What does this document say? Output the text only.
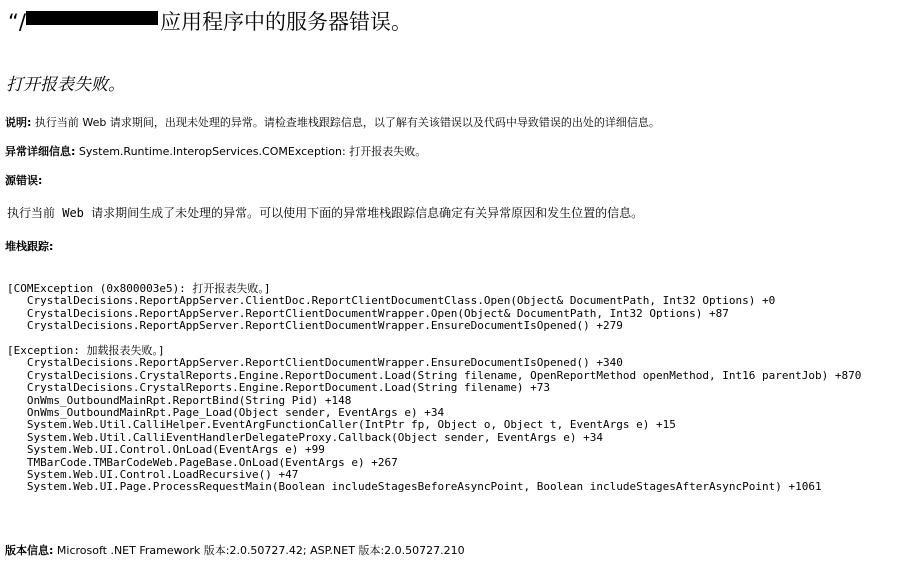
“/	应用程序中的服务器错误。
打开报表失败。
说明: 执行当前 Web 请求期间，出现未处理的异常。请检查堆栈跟踪信息，以了解有关该错误以及代码中导致错误的出处的详细信息。
异常详细信息: System.Runtime.InteropServices.COMException: 打开报表失败。
源错误:
执行当前 Web 请求期间生成了未处理的异常。可以使用下面的异常堆栈跟踪信息确定有关异常原因和发生位置的信息。
堆栈跟踪:
[COMException (0x800003e5): 打开报表失败。]
CrystalDecisions.ReportAppServer.ClientDoc.ReportClientDocumentClass.Open(Object& DocumentPath, Int32 Options) +0
CrystalDecisions.ReportAppServer.ReportClientDocumentWrapper.Open(Object& DocumentPath, Int32 Options) +87
CrystalDecisions.ReportAppServer.ReportClientDocumentWrapper.EnsureDocumentIsOpened() +279
[Exception: 加载报表失败。]
CrystalDecisions.ReportAppServer.ReportClientDocumentWrapper.EnsureDocumentIsOpened() +340
CrystalDecisions.CrystalReports.Engine.ReportDocument.Load(String filename, OpenReportMethod openMethod, Int16 parentJob) +870
CrystalDecisions.CrystalReports.Engine.ReportDocument.Load(String filename) +73
OnWms_OutboundMainRpt.ReportBind(String Pid) +148
OnWms_OutboundMainRpt.Page_Load(Object sender, EventArgs e) +34
System.Web.Util.CalliHelper.EventArgFunctionCaller(IntPtr fp, Object o, Object t, EventArgs e) +15
System.Web.Util.CalliEventHandlerDelegateProxy.Callback(Object sender, EventArgs e) +34
System.Web.UI.Control.OnLoad(EventArgs e) +99
TMBarCode.TMBarCodeWeb.PageBase.OnLoad(EventArgs e) +267
System.Web.UI.Control.LoadRecursive() +47
System.Web.UI.Page.ProcessRequestMain(Boolean includeStagesBeforeAsyncPoint, Boolean includeStagesAfterAsyncPoint) +1061
版本信息: Microsoft .NET Framework 版本:2.0.50727.42; ASP.NET 版本:2.0.50727.210
